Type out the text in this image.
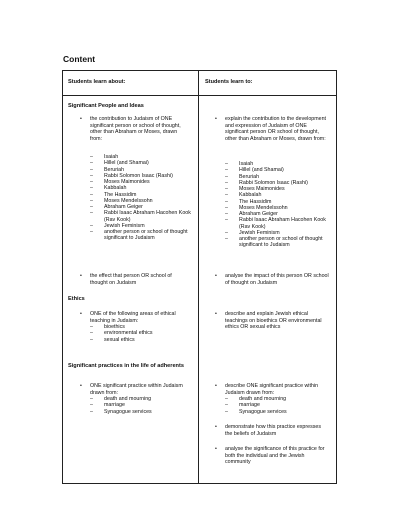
Content
Students learn about:	Students learn to:
Significant People and Ideas
• the contribution to Judaism of ONE significant person or school of thought, other than Abraham or Moses, drawn from:
– Isaiah
– Hillel (and Shamai)
– Beruriah
– Rabbi Solomon Isaac (Rashi)
– Moses Maimonides
– Kabbalah
– The Hassidim
– Moses Mendelssohn
– Abraham Geiger
– Rabbi Isaac Abraham Hacohen Kook (Rav Kook)
– Jewish Feminism
– another person or school of thought significant to Judaism
• explain the contribution to the development and expression of Judaism of ONE significant person OR school of thought, other than Abraham or Moses, drawn from:
– Isaiah
– Hillel (and Shamai)
– Beruriah
– Rabbi Solomon Isaac (Rashi)
– Moses Maimonides
– Kabbalah
– The Hassidim
– Moses Mendelssohn
– Abraham Geiger
– Rabbi Isaac Abraham Hacohen Kook (Rav Kook)
– Jewish Feminism
– another person or school of thought significant to Judaism
• the effect that person OR school of thought on Judaism
• analyse the impact of this person OR school of thought on Judaism
Ethics
• ONE of the following areas of ethical teaching in Judaism:
– bioethics
– environmental ethics
– sexual ethics
• describe and explain Jewish ethical teachings on bioethics OR environmental ethics OR sexual ethics
Significant practices in the life of adherents
• ONE significant practice within Judaism drawn from:
– death and mourning
– marriage
– Synagogue services
• describe ONE significant practice within Judaism drawn from:
– death and mourning
– marriage
– Synagogue services
• demonstrate how this practice expresses the beliefs of Judaism
• analyse the significance of this practice for both the individual and the Jewish community
